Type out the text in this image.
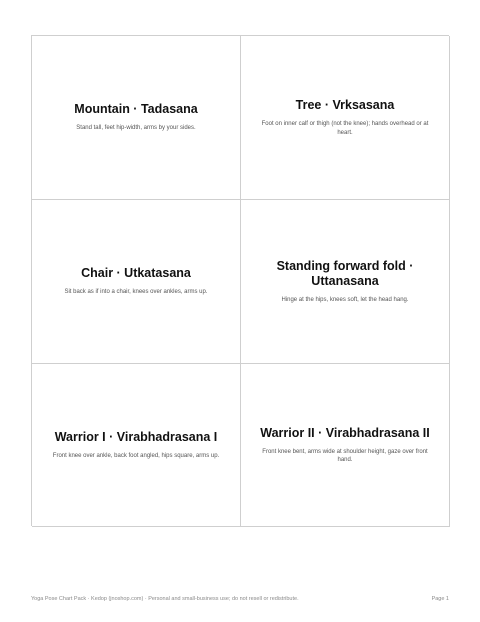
Mountain · Tadasana
Stand tall, feet hip-width, arms by your sides.
Tree · Vrksasana
Foot on inner calf or thigh (not the knee); hands overhead or at heart.
Chair · Utkatasana
Sit back as if into a chair, knees over ankles, arms up.
Standing forward fold · Uttanasana
Hinge at the hips, knees soft, let the head hang.
Warrior I · Virabhadrasana I
Front knee over ankle, back foot angled, hips square, arms up.
Warrior II · Virabhadrasana II
Front knee bent, arms wide at shoulder height, gaze over front hand.
Yoga Pose Chart Pack · Kedop (jnoshop.com) · Personal and small-business use; do not resell or redistribute.	Page 1
